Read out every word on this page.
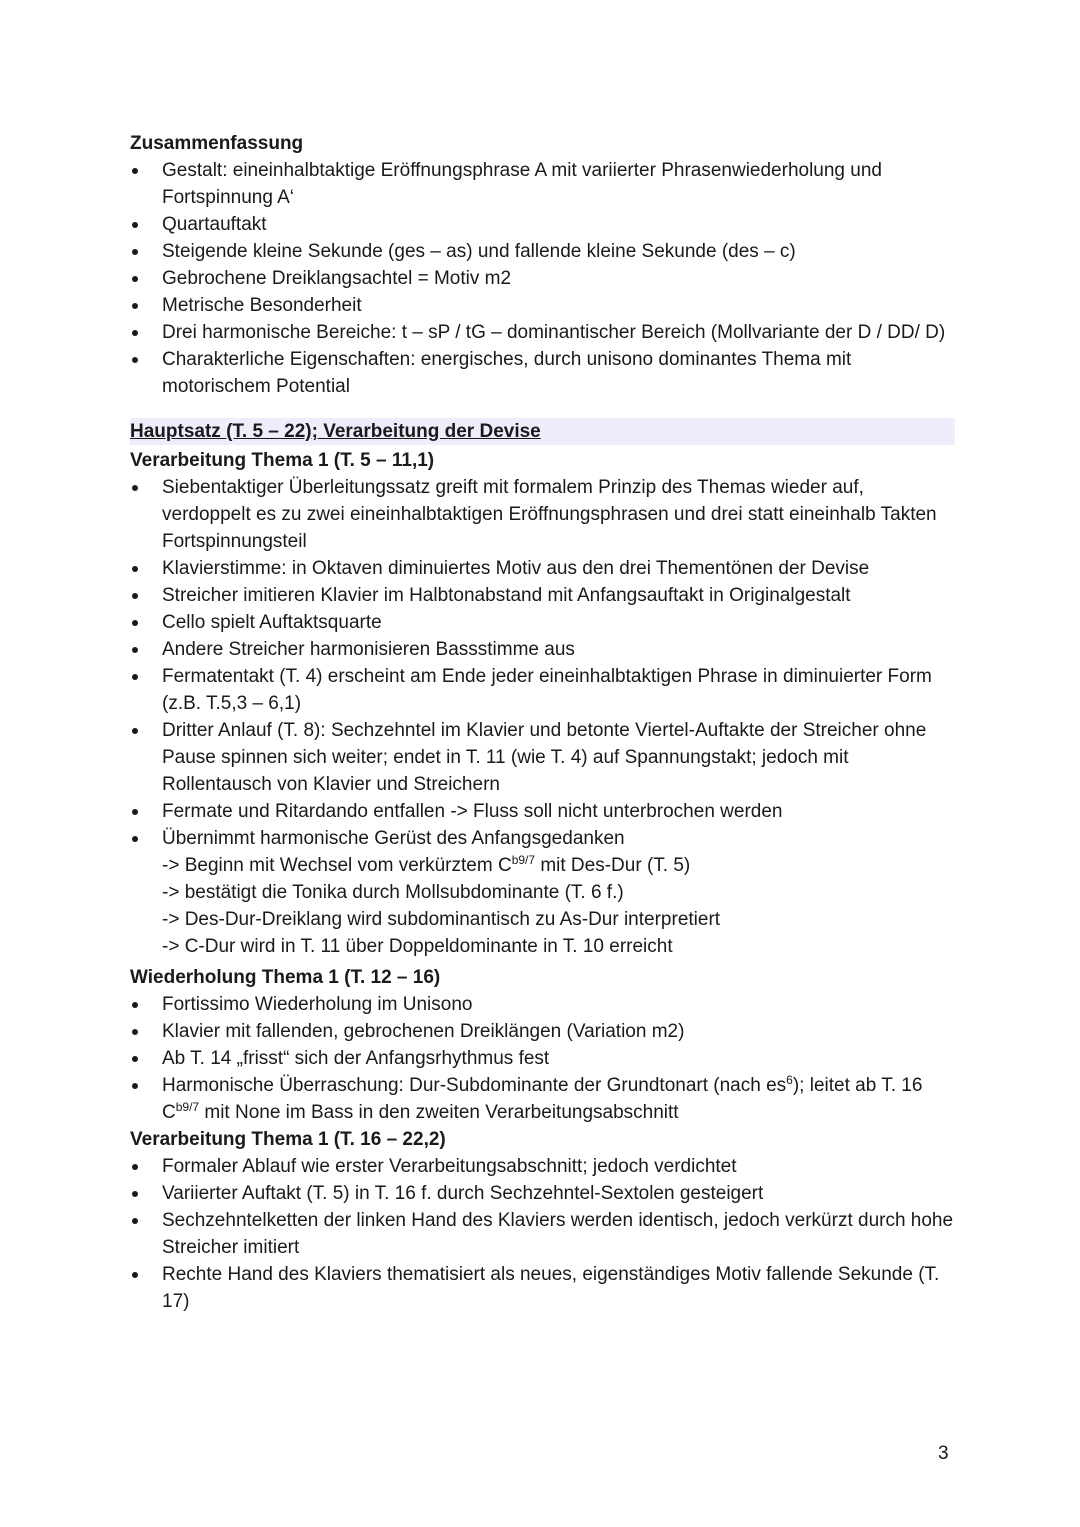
Zusammenfassung
Gestalt: eineinhalbtaktige Eröffnungsphrase A mit variierter Phrasenwiederholung und Fortspinnung A‘
Quartauftakt
Steigende kleine Sekunde (ges – as) und fallende kleine Sekunde (des – c)
Gebrochene Dreiklangsachtel = Motiv m2
Metrische Besonderheit
Drei harmonische Bereiche: t – sP / tG – dominantischer Bereich (Mollvariante der D / DD/ D)
Charakterliche Eigenschaften: energisches, durch unisono dominantes Thema mit motorischem Potential
Hauptsatz (T. 5 – 22); Verarbeitung der Devise
Verarbeitung Thema 1 (T. 5 – 11,1)
Siebentaktiger Überleitungssatz greift mit formalem Prinzip des Themas wieder auf, verdoppelt es zu zwei eineinhalbtaktigen Eröffnungsphrasen und drei statt eineinhalb Takten Fortspinnungsteil
Klavierstimme: in Oktaven diminuiertes Motiv aus den drei Thementönen der Devise
Streicher imitieren Klavier im Halbtonabstand mit Anfangsauftakt in Originalgestalt
Cello spielt Auftaktsquarte
Andere Streicher harmonisieren Bassstimme aus
Fermatentakt (T. 4) erscheint am Ende jeder eineinhalbtaktigen Phrase in diminuierter Form (z.B. T.5,3 – 6,1)
Dritter Anlauf (T. 8): Sechzehntel im Klavier und betonte Viertel-Auftakte der Streicher ohne Pause spinnen sich weiter; endet in T. 11 (wie T. 4) auf Spannungstakt; jedoch mit Rollentausch von Klavier und Streichern
Fermate und Ritardando entfallen -> Fluss soll nicht unterbrochen werden
Übernimmt harmonische Gerüst des Anfangsgedanken
-> Beginn mit Wechsel vom verkürztem $C^{b9/7}$ mit Des-Dur (T. 5)
-> bestätigt die Tonika durch Mollsubdominante (T. 6 f.)
-> Des-Dur-Dreiklang wird subdominantisch zu As-Dur interpretiert
-> C-Dur wird in T. 11 über Doppeldominante in T. 10 erreicht
Wiederholung Thema 1 (T. 12 – 16)
Fortissimo Wiederholung im Unisono
Klavier mit fallenden, gebrochenen Dreiklängen (Variation m2)
Ab T. 14 „frisst“ sich der Anfangsrhythmus fest
Harmonische Überraschung: Dur-Subdominante der Grundtonart (nach $es^6$); leitet ab T. 16 $C^{b9/7}$ mit None im Bass in den zweiten Verarbeitungsabschnitt
Verarbeitung Thema 1 (T. 16 – 22,2)
Formaler Ablauf wie erster Verarbeitungsabschnitt; jedoch verdichtet
Variierter Auftakt (T. 5) in T. 16 f. durch Sechzehntel-Sextolen gesteigert
Sechzehntelketten der linken Hand des Klaviers werden identisch, jedoch verkürzt durch hohe Streicher imitiert
Rechte Hand des Klaviers thematisiert als neues, eigenständiges Motiv fallende Sekunde (T. 17)
3
